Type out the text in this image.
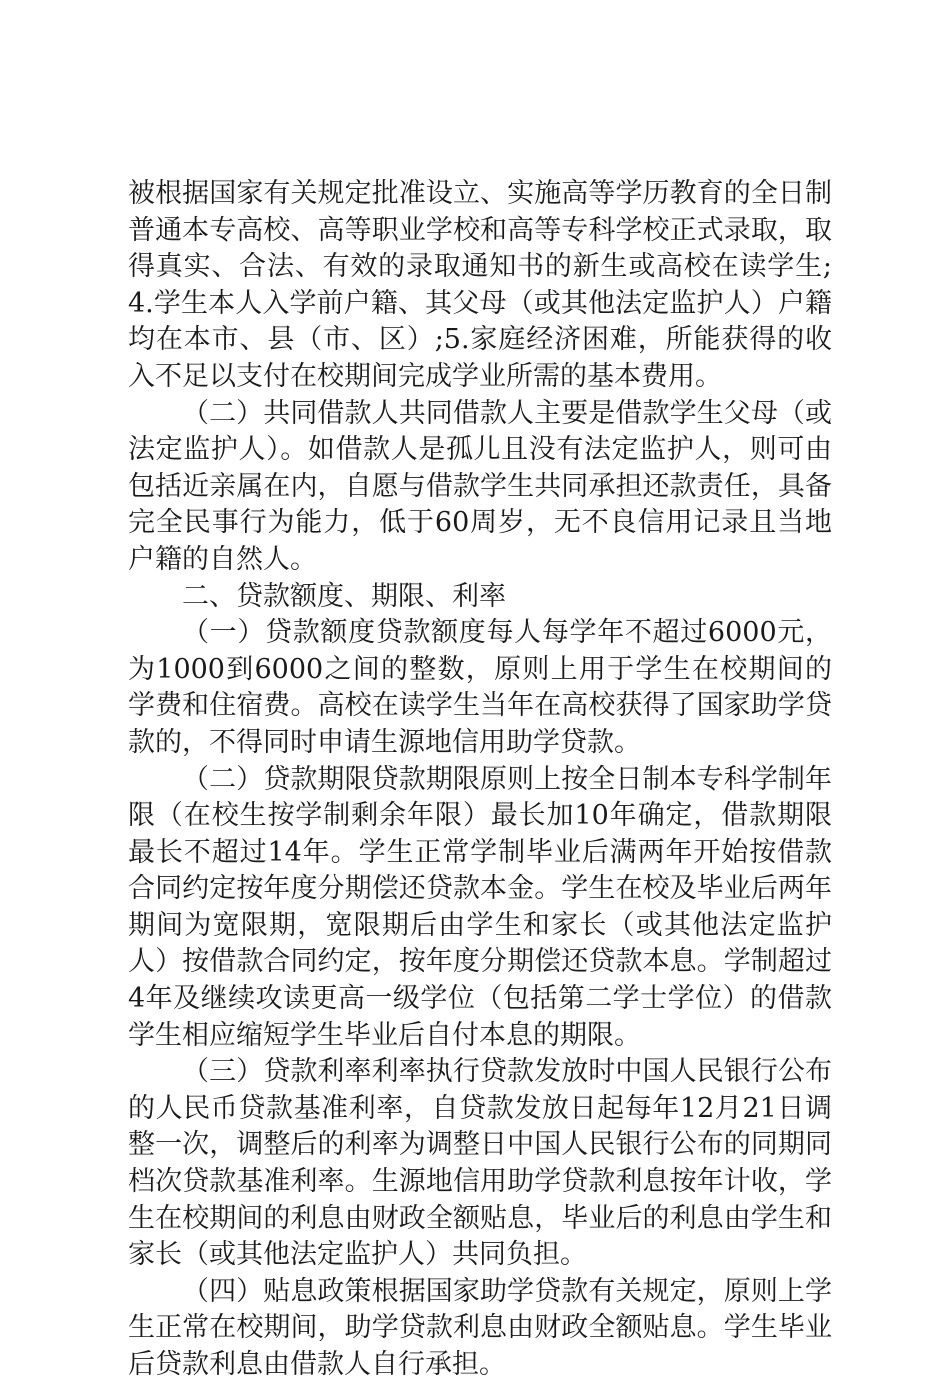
被根据国家有关规定批准设立、实施高等学历教育的全日制普通本专高校、高等职业学校和高等专科学校正式录取，取得真实、合法、有效的录取通知书的新生或高校在读学生;4.学生本人入学前户籍、其父母（或其他法定监护人）户籍均在本市、县（市、区）;5.家庭经济困难，所能获得的收入不足以支付在校期间完成学业所需的基本费用。

（二）共同借款人共同借款人主要是借款学生父母（或法定监护人）。如借款人是孤儿且没有法定监护人，则可由包括近亲属在内，自愿与借款学生共同承担还款责任，具备完全民事行为能力，低于60周岁，无不良信用记录且当地户籍的自然人。

二、贷款额度、期限、利率

（一）贷款额度贷款额度每人每学年不超过6000元，为1000到6000之间的整数，原则上用于学生在校期间的学费和住宿费。高校在读学生当年在高校获得了国家助学贷款的，不得同时申请生源地信用助学贷款。

（二）贷款期限贷款期限原则上按全日制本专科学制年限（在校生按学制剩余年限）最长加10年确定，借款期限最长不超过14年。学生正常学制毕业后满两年开始按借款合同约定按年度分期偿还贷款本金。学生在校及毕业后两年期间为宽限期，宽限期后由学生和家长（或其他法定监护人）按借款合同约定，按年度分期偿还贷款本息。学制超过4年及继续攻读更高一级学位（包括第二学士学位）的借款学生相应缩短学生毕业后自付本息的期限。

（三）贷款利率利率执行贷款发放时中国人民银行公布的人民币贷款基准利率，自贷款发放日起每年12月21日调整一次，调整后的利率为调整日中国人民银行公布的同期同档次贷款基准利率。生源地信用助学贷款利息按年计收，学生在校期间的利息由财政全额贴息，毕业后的利息由学生和家长（或其他法定监护人）共同负担。

（四）贴息政策根据国家助学贷款有关规定，原则上学生正常在校期间，助学贷款利息由财政全额贴息。学生毕业后贷款利息由借款人自行承担。
